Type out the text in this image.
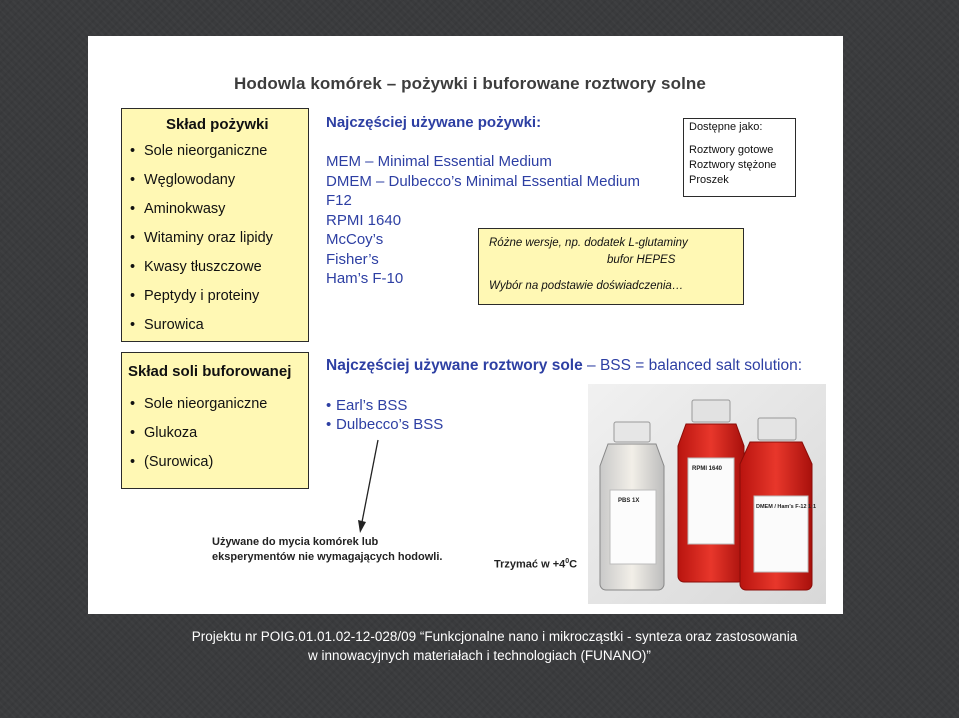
Hodowla komórek – pożywki i buforowane roztwory solne
Skład pożywki
• Sole nieorganiczne
• Węglowodany
• Aminokwasy
• Witaminy oraz lipidy
• Kwasy tłuszczowe
• Peptydy i proteiny
• Surowica
Skład soli buforowanej
• Sole nieorganiczne
• Glukoza
• (Surowica)
Najczęściej używane pożywki:
MEM – Minimal Essential Medium
DMEM – Dulbecco’s Minimal Essential Medium
F12
RPMI 1640
McCoy’s
Fisher’s
Ham’s F-10
Dostępne jako:
Roztwory gotowe
Roztwory stężone
Proszek
Różne wersje, np. dodatek L-glutaminy
bufor HEPES
Wybór na podstawie doświadczenia…
Najczęściej używane roztwory sole – BSS = balanced salt solution:
• Earl’s BSS
• Dulbecco’s BSS
Używane do mycia komórek lub
eksperymentów nie wymagających hodowli.
RPMI 1640
PBS 1X
DMEM / Ham’s F-12 1:1
Trzymać $w +4^0C$
Projektu nr POIG.01.01.02-12-028/09 “Funkcjonalne nano i mikrocząstki - synteza oraz zastosowania
w innowacyjnych materiałach i technologiach (FUNANO)”
